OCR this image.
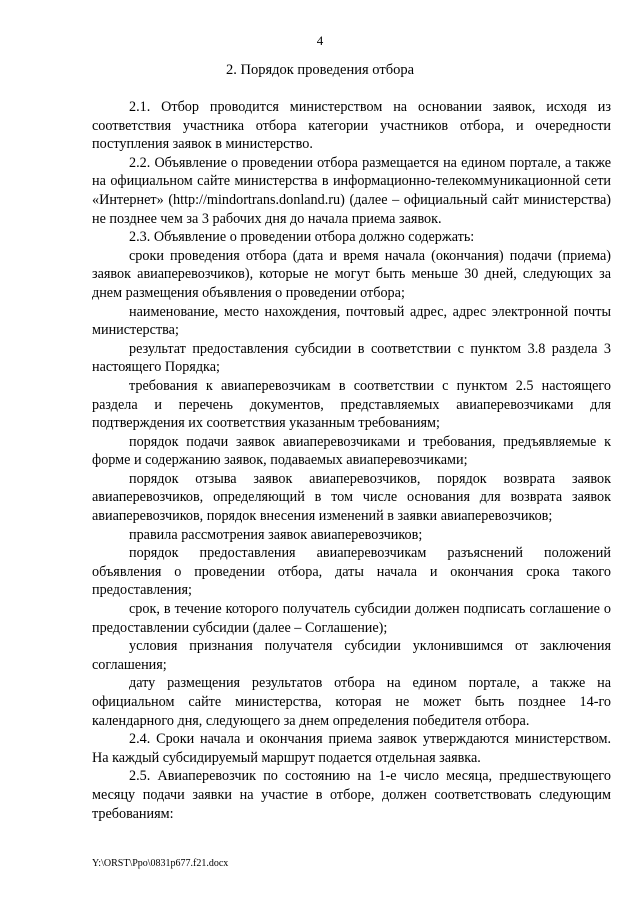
4
2. Порядок проведения отбора

2.1. Отбор проводится министерством на основании заявок, исходя из соответствия участника отбора категории участников отбора, и очередности поступления заявок в министерство.

2.2. Объявление о проведении отбора размещается на едином портале, а также на официальном сайте министерства в информационно-телекоммуникационной сети «Интернет» (http://mindortrans.donland.ru) (далее – официальный сайт министерства) не позднее чем за 3 рабочих дня до начала приема заявок.

2.3. Объявление о проведении отбора должно содержать:

сроки проведения отбора (дата и время начала (окончания) подачи (приема) заявок авиаперевозчиков), которые не могут быть меньше 30 дней, следующих за днем размещения объявления о проведении отбора;

наименование, место нахождения, почтовый адрес, адрес электронной почты министерства;

результат предоставления субсидии в соответствии с пунктом 3.8 раздела 3 настоящего Порядка;

требования к авиаперевозчикам в соответствии с пунктом 2.5 настоящего раздела и перечень документов, представляемых авиаперевозчиками для подтверждения их соответствия указанным требованиям;

порядок подачи заявок авиаперевозчиками и требования, предъявляемые к форме и содержанию заявок, подаваемых авиаперевозчиками;

порядок отзыва заявок авиаперевозчиков, порядок возврата заявок авиаперевозчиков, определяющий в том числе основания для возврата заявок авиаперевозчиков, порядок внесения изменений в заявки авиаперевозчиков;

правила рассмотрения заявок авиаперевозчиков;

порядок предоставления авиаперевозчикам разъяснений положений объявления о проведении отбора, даты начала и окончания срока такого предоставления;

срок, в течение которого получатель субсидии должен подписать соглашение о предоставлении субсидии (далее – Соглашение);

условия признания получателя субсидии уклонившимся от заключения соглашения;

дату размещения результатов отбора на едином портале, а также на официальном сайте министерства, которая не может быть позднее 14-го календарного дня, следующего за днем определения победителя отбора.

2.4. Сроки начала и окончания приема заявок утверждаются министерством. На каждый субсидируемый маршрут подается отдельная заявка.

2.5. Авиаперевозчик по состоянию на 1-е число месяца, предшествующего месяцу подачи заявки на участие в отборе, должен соответствовать следующим требованиям:

Y:\ORST\Ppo\0831p677.f21.docx
